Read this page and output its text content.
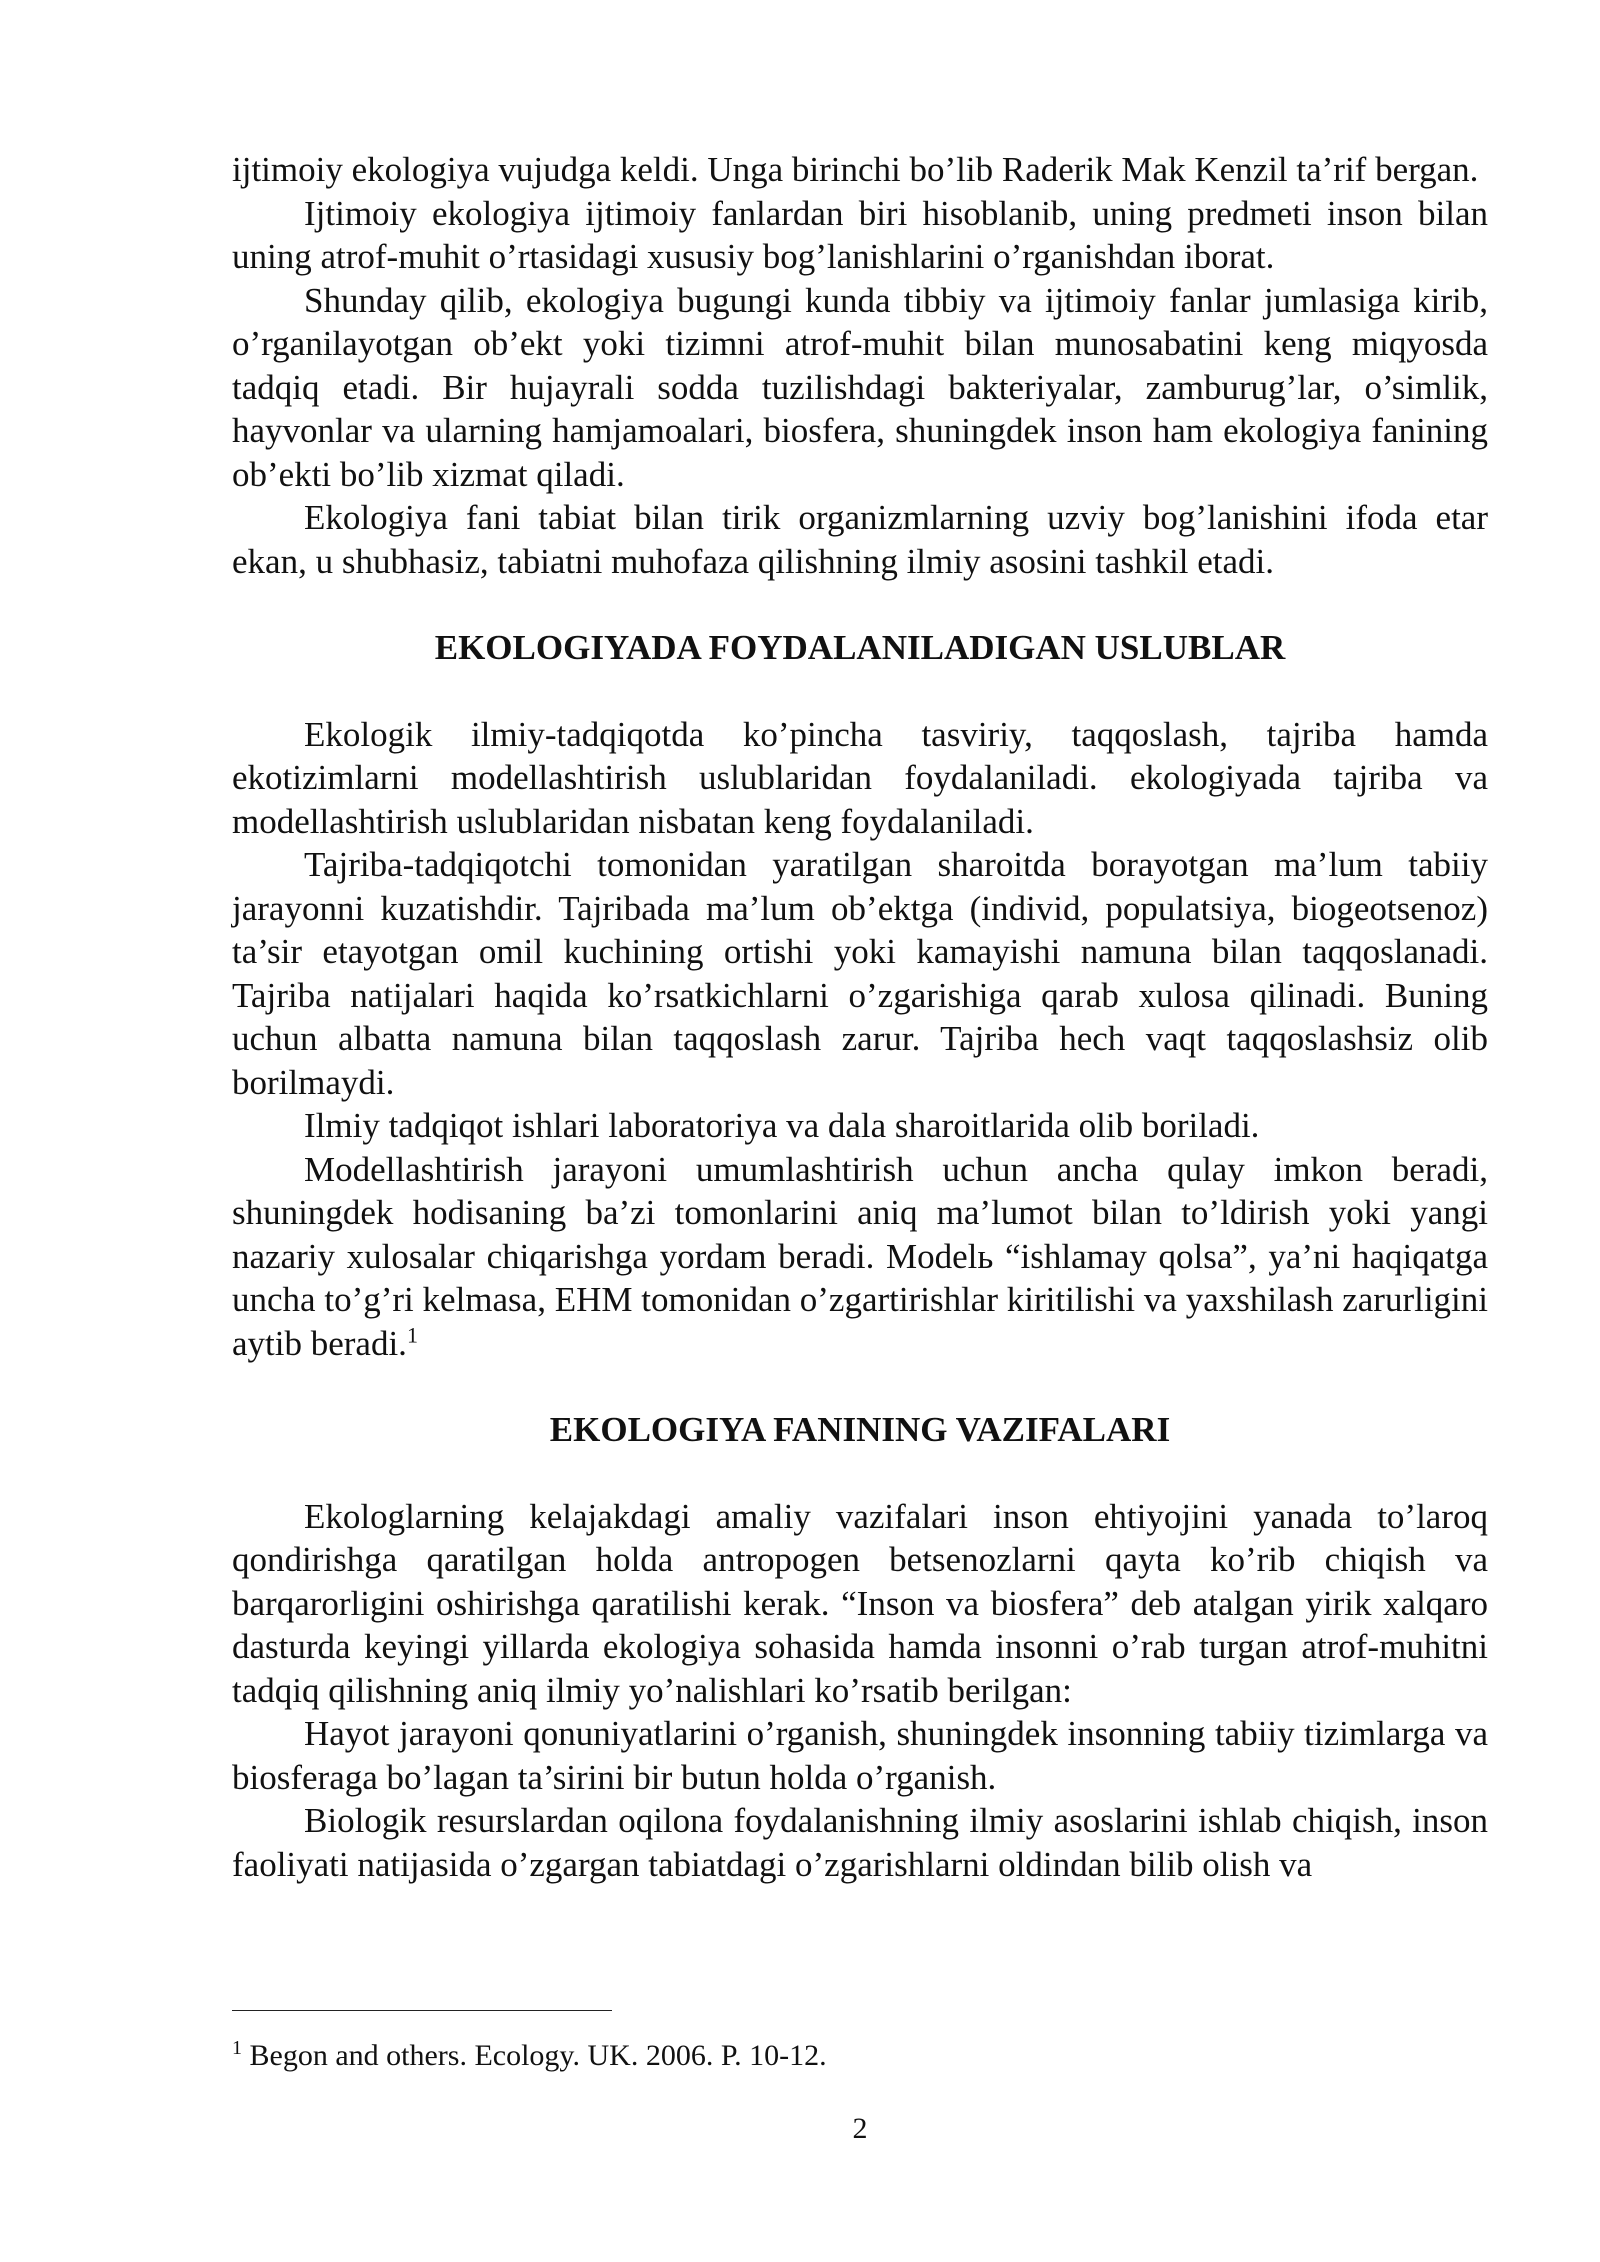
ijtimoiy ekologiya vujudga keldi. Unga birinchi bo’lib Raderik Mak Kenzil ta’rif bergan.

Ijtimoiy ekologiya ijtimoiy fanlardan biri hisoblanib, uning predmeti inson bilan uning atrof-muhit o’rtasidagi xususiy bog’lanishlarini o’rganishdan iborat.

Shunday qilib, ekologiya bugungi kunda tibbiy va ijtimoiy fanlar jumlasiga kirib, o’rganilayotgan ob’ekt yoki tizimni atrof-muhit bilan munosabatini keng miqyosda tadqiq etadi. Bir hujayrali sodda tuzilishdagi bakteriyalar, zamburug’lar, o’simlik, hayvonlar va ularning hamjamoalari, biosfera, shuningdek inson ham ekologiya fanining ob’ekti bo’lib xizmat qiladi.

Ekologiya fani tabiat bilan tirik organizmlarning uzviy bog’lanishini ifoda etar ekan, u shubhasiz, tabiatni muhofaza qilishning ilmiy asosini tashkil etadi.

EKOLOGIYADA FOYDALANILADIGAN USLUBLAR

Ekologik ilmiy-tadqiqotda ko’pincha tasviriy, taqqoslash, tajriba hamda ekotizimlarni modellashtirish uslublaridan foydalaniladi. ekologiyada tajriba va modellashtirish uslublaridan nisbatan keng foydalaniladi.

Tajriba-tadqiqotchi tomonidan yaratilgan sharoitda borayotgan ma’lum tabiiy jarayonni kuzatishdir. Tajribada ma’lum ob’ektga (individ, populatsiya, biogeotsenoz) ta’sir etayotgan omil kuchining ortishi yoki kamayishi namuna bilan taqqoslanadi. Tajriba natijalari haqida ko’rsatkichlarni o’zgarishiga qarab xulosa qilinadi. Buning uchun albatta namuna bilan taqqoslash zarur. Tajriba hech vaqt taqqoslashsiz olib borilmaydi.

Ilmiy tadqiqot ishlari laboratoriya va dala sharoitlarida olib boriladi.

Modellashtirish jarayoni umumlashtirish uchun ancha qulay imkon beradi, shuningdek hodisaning ba’zi tomonlarini aniq ma’lumot bilan to’ldirish yoki yangi nazariy xulosalar chiqarishga yordam beradi. Modelь “ishlamay qolsa”, ya’ni haqiqatga uncha to’g’ri kelmasa, EHM tomonidan o’zgartirishlar kiritilishi va yaxshilash zarurligini aytib beradi.$^1$

EKOLOGIYA FANINING VAZIFALARI

Ekologlarning kelajakdagi amaliy vazifalari inson ehtiyojini yanada to’laroq qondirishga qaratilgan holda antropogen betsenozlarni qayta ko’rib chiqish va barqarorligini oshirishga qaratilishi kerak. “Inson va biosfera” deb atalgan yirik xalqaro dasturda keyingi yillarda ekologiya sohasida hamda insonni o’rab turgan atrof-muhitni tadqiq qilishning aniq ilmiy yo’nalishlari ko’rsatib berilgan:

Hayot jarayoni qonuniyatlarini o’rganish, shuningdek insonning tabiiy tizimlarga va biosferaga bo’lagan ta’sirini bir butun holda o’rganish.

Biologik resurslardan oqilona foydalanishning ilmiy asoslarini ishlab chiqish, inson faoliyati natijasida o’zgargan tabiatdagi o’zgarishlarni oldindan bilib olish va

$^1$ Begon and others. Ecology. UK. 2006. P. 10-12.

2
